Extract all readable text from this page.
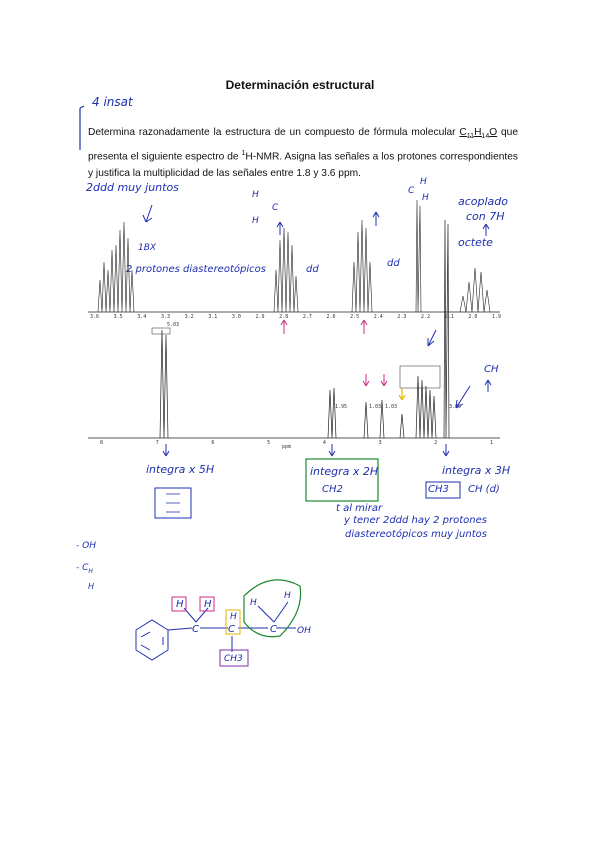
Determinación estructural
Determina razonadamente la estructura de un compuesto de fórmula molecular $C_{11}H_{14}O$ que presenta el siguiente espectro de $^1$H-NMR. Asigna las señales a los protones correspondientes y justifica la multiplicidad de las señales entre 1.8 y 3.6 ppm.
4 insat
2ddd muy juntos
1BX
2 protones diastereotópicos	dd
dd
acoplado
con 7H
octete
H
H
C
C
H
H
CH
integra x 5H	integra x 2H
CH2
integra x 3H
CH3 CH (d)
t al mirar
y tener 2ddd hay 2 protones
diastereotópicos muy juntos
- OH
- $C_H$
H
H H
C	C
H
H
H
C
CH3
OH
3.6	3.5	3.4	3.3	3.2	3.1	3.0	2.9	2.8	2.7	2.6	2.5	2.4	2.3	2.2	2.1	2.0	1.9
8	7	6	5	4	3	2	1
5.03
1.95	1.03 1.03	3.00
ppm
